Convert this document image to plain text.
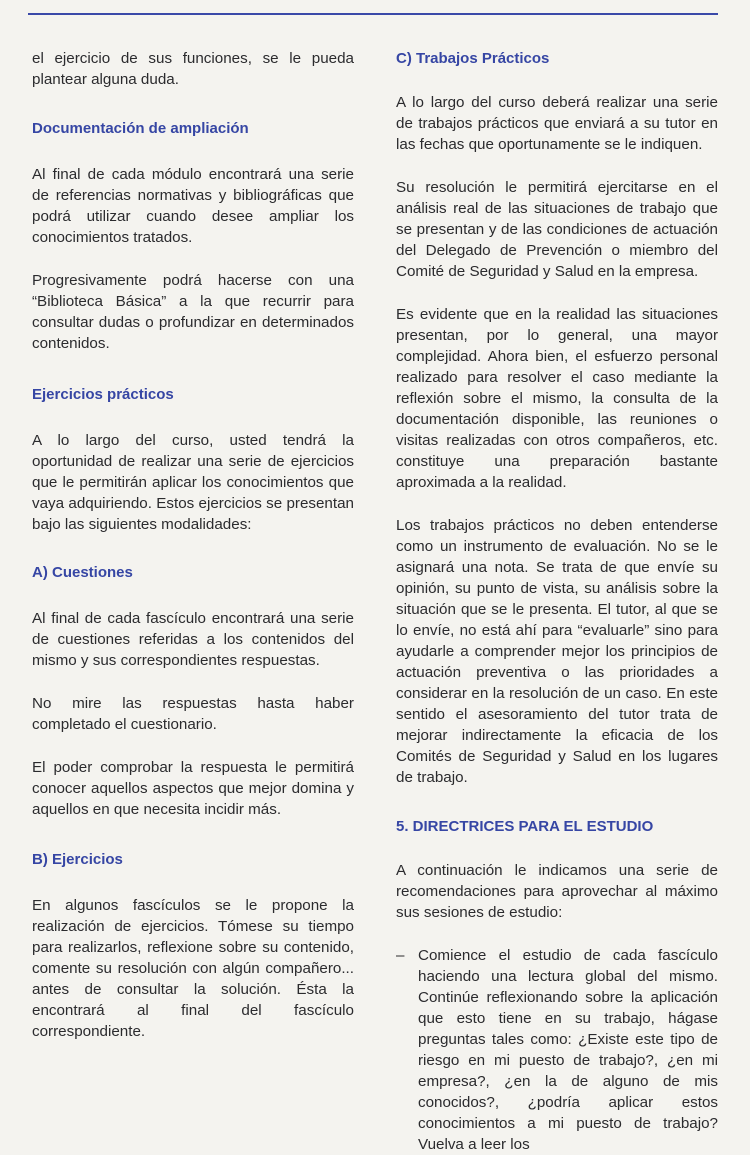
el ejercicio de sus funciones, se le pueda plantear alguna duda.

Documentación de ampliación

Al final de cada módulo encontrará una serie de referencias normativas y bibliográficas que podrá utilizar cuando desee ampliar los conocimientos tratados.

Progresivamente podrá hacerse con una “Biblioteca Básica” a la que recurrir para consultar dudas o profundizar en determinados contenidos.

Ejercicios prácticos

A lo largo del curso, usted tendrá la oportunidad de realizar una serie de ejercicios que le permitirán aplicar los conocimientos que vaya adquiriendo. Estos ejercicios se presentan bajo las siguientes modalidades:

A) Cuestiones

Al final de cada fascículo encontrará una serie de cuestiones referidas a los contenidos del mismo y sus correspondientes respuestas.

No mire las respuestas hasta haber completado el cuestionario.

El poder comprobar la respuesta le permitirá conocer aquellos aspectos que mejor domina y aquellos en que necesita incidir más.

B) Ejercicios

En algunos fascículos se le propone la realización de ejercicios. Tómese su tiempo para realizarlos, reflexione sobre su contenido, comente su resolución con algún compañero... antes de consultar la solución. Ésta la encontrará al final del fascículo correspondiente.

C) Trabajos Prácticos

A lo largo del curso deberá realizar una serie de trabajos prácticos que enviará a su tutor en las fechas que oportunamente se le indiquen.

Su resolución le permitirá ejercitarse en el análisis real de las situaciones de trabajo que se presentan y de las condiciones de actuación del Delegado de Prevención o miembro del Comité de Seguridad y Salud en la empresa.

Es evidente que en la realidad las situaciones presentan, por lo general, una mayor complejidad. Ahora bien, el esfuerzo personal realizado para resolver el caso mediante la reflexión sobre el mismo, la consulta de la documentación disponible, las reuniones o visitas realizadas con otros compañeros, etc. constituye una preparación bastante aproximada a la realidad.

Los trabajos prácticos no deben entenderse como un instrumento de evaluación. No se le asignará una nota. Se trata de que envíe su opinión, su punto de vista, su análisis sobre la situación que se le presenta. El tutor, al que se lo envíe, no está ahí para “evaluarle” sino para ayudarle a comprender mejor los principios de actuación preventiva o las prioridades a considerar en la resolución de un caso. En este sentido el asesoramiento del tutor trata de mejorar indirectamente la eficacia de los Comités de Seguridad y Salud en los lugares de trabajo.

5. DIRECTRICES PARA EL ESTUDIO

A continuación le indicamos una serie de recomendaciones para aprovechar al máximo sus sesiones de estudio:

– Comience el estudio de cada fascículo haciendo una lectura global del mismo. Continúe reflexionando sobre la aplicación que esto tiene en su trabajo, hágase preguntas tales como: ¿Existe este tipo de riesgo en mi puesto de trabajo?, ¿en mi empresa?, ¿en la de alguno de mis conocidos?, ¿podría aplicar estos conocimientos a mi puesto de trabajo? Vuelva a leer los
